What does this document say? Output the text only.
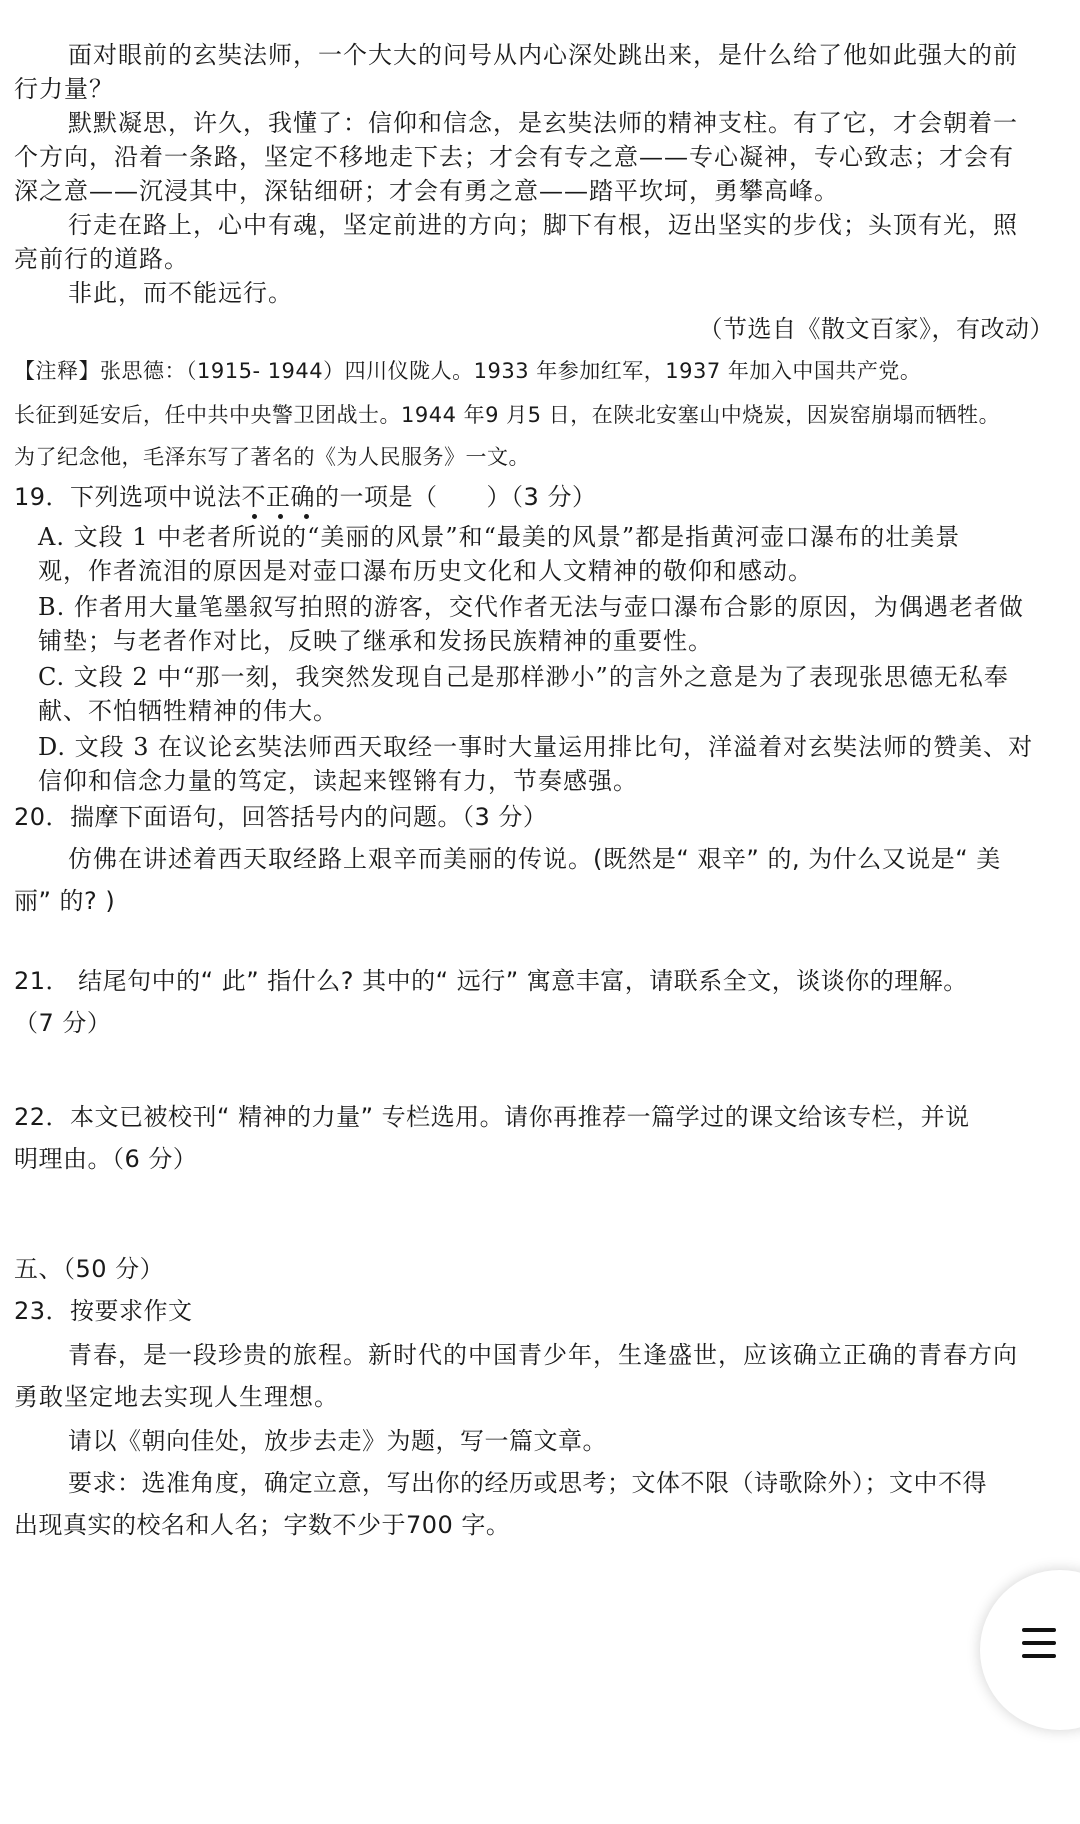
面对眼前的玄奘法师，一个大大的问号从内心深处跳出来，是什么给了他如此强大的前
行力量？
默默凝思，许久，我懂了：信仰和信念，是玄奘法师的精神支柱。有了它，才会朝着一
个方向，沿着一条路，坚定不移地走下去；才会有专之意——专心凝神，专心致志；才会有
深之意——沉浸其中，深钻细研；才会有勇之意——踏平坎坷，勇攀高峰。
行走在路上，心中有魂，坚定前进的方向；脚下有根，迈出坚实的步伐；头顶有光，照
亮前行的道路。
非此，而不能远行。
（节选自《散文百家》，有改动）
【注释】张思德：（1915‐ 1944）四川仪陇人。1933 年参加红军，1937 年加入中国共产党。
长征到延安后，任中共中央警卫团战士。1944 年9 月5 日，在陕北安塞山中烧炭，因炭窑崩塌而牺牲。
为了纪念他，毛泽东写了著名的《为人民服务》一文。
19．下列选项中说法不正确
的一项是（　　）（3 分）
A. 文段 1 中老者所说的“美丽的风景”和“最美的风景”都是指黄河壶口瀑布的壮美景
观，作者流泪的原因是对壶口瀑布历史文化和人文精神的敬仰和感动。
B. 作者用大量笔墨叙写拍照的游客，交代作者无法与壶口瀑布合影的原因，为偶遇老者做
铺垫；与老者作对比，反映了继承和发扬民族精神的重要性。
C. 文段 2 中“那一刻，我突然发现自己是那样渺小”的言外之意是为了表现张思德无私奉
献、不怕牺牲精神的伟大。
D. 文段 3 在议论玄奘法师西天取经一事时大量运用排比句，洋溢着对玄奘法师的赞美、对
信仰和信念力量的笃定，读起来铿锵有力，节奏感强。
20．揣摩下面语句，回答括号内的问题。（3 分）
仿佛在讲述着西天取经路上艰辛而美丽的传说。(既然是“ 艰辛” 的, 为什么又说是“ 美
丽” 的? )
21． 结尾句中的“ 此” 指什么? 其中的“ 远行” 寓意丰富，请联系全文，谈谈你的理解。
（7 分）
22．本文已被校刊“ 精神的力量” 专栏选用。请你再推荐一篇学过的课文给该专栏，并说
明理由。（6 分）
五、（50 分）
23．按要求作文
青春，是一段珍贵的旅程。新时代的中国青少年，生逢盛世，应该确立正确的青春方向
勇敢坚定地去实现人生理想。
请以《朝向佳处，放步去走》为题，写一篇文章。
要求：选准角度，确定立意，写出你的经历或思考；文体不限（诗歌除外）；文中不得
出现真实的校名和人名；字数不少于700 字。
